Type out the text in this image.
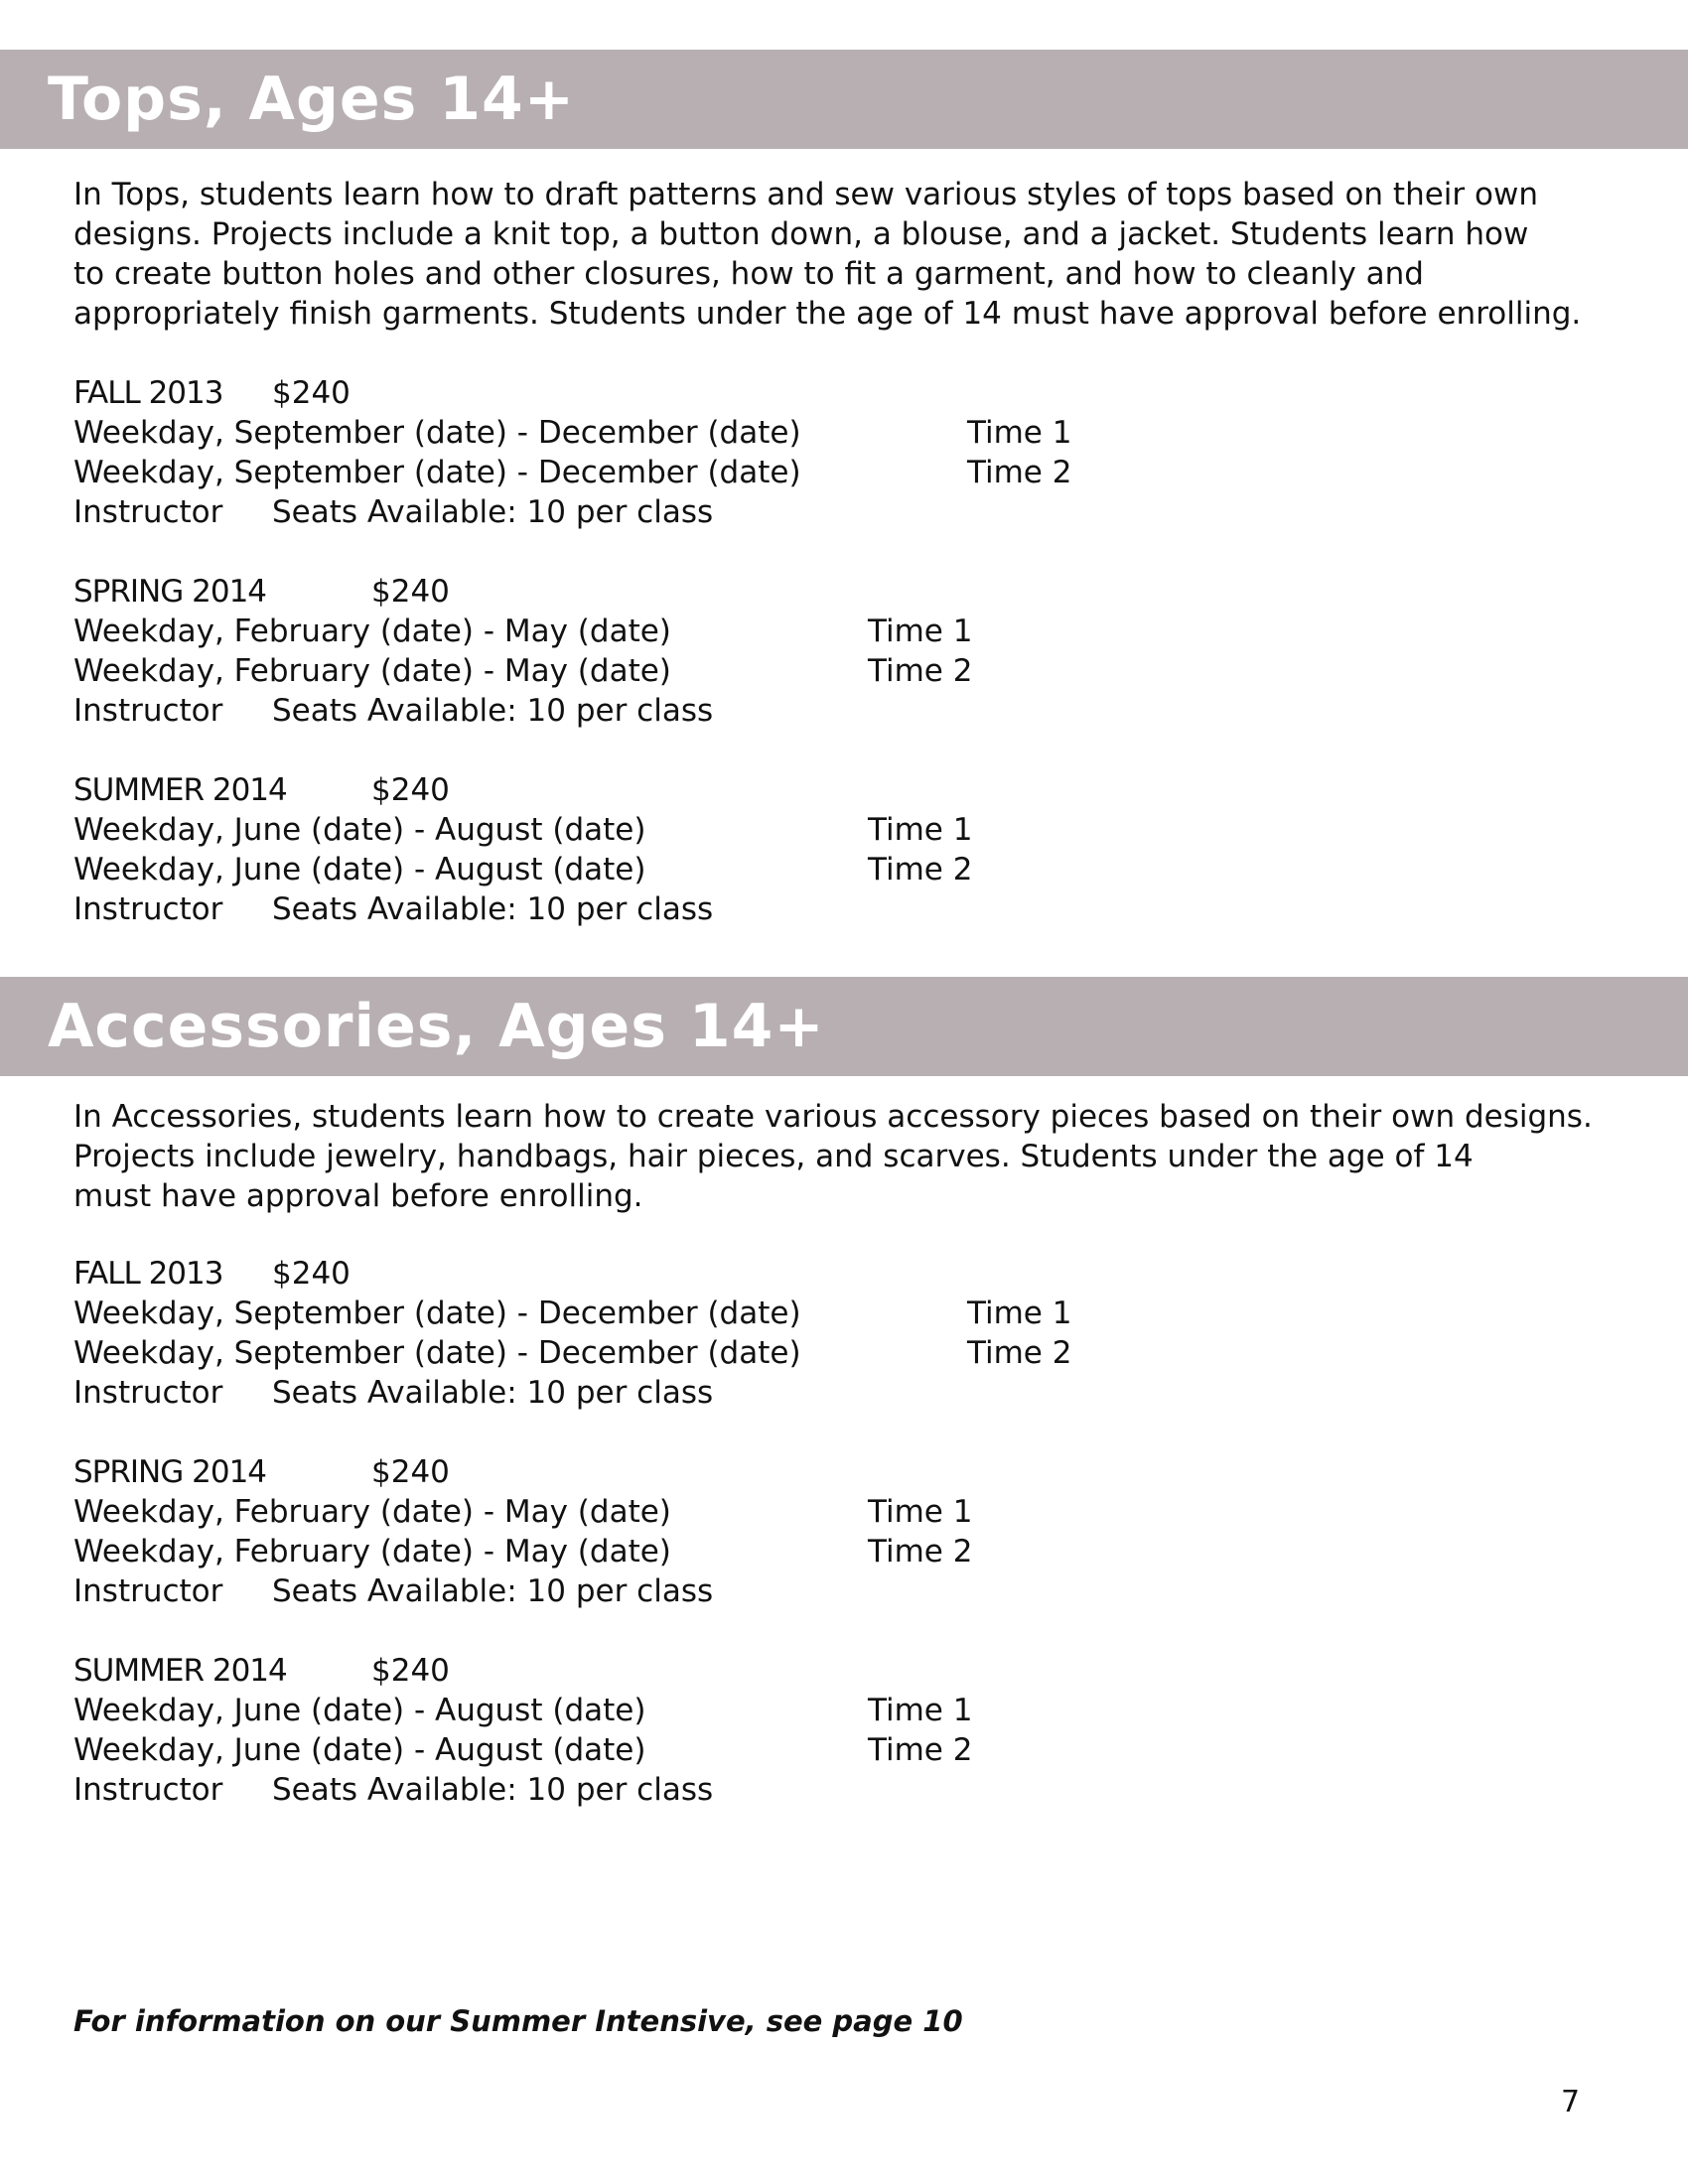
Tops, Ages 14+
In Tops, students learn how to draft patterns and sew various styles of tops based on their own
designs. Projects include a knit top, a button down, a blouse, and a jacket. Students learn how
to create button holes and other closures, how to fit a garment, and how to cleanly and
appropriately finish garments. Students under the age of 14 must have approval before enrolling.
FALL 2013 $240
Weekday, September (date) - December (date)	Time 1
Weekday, September (date) - December (date)	Time 2
Instructor Seats Available: 10 per class
SPRING 2014	$240
Weekday, February (date) - May (date)	Time 1
Weekday, February (date) - May (date)	Time 2
Instructor Seats Available: 10 per class
SUMMER 2014	$240
Weekday, June (date) - August (date)	Time 1
Weekday, June (date) - August (date)	Time 2
Instructor Seats Available: 10 per class
Accessories, Ages 14+
In Accessories, students learn how to create various accessory pieces based on their own designs.
Projects include jewelry, handbags, hair pieces, and scarves. Students under the age of 14
must have approval before enrolling.
FALL 2013 $240
Weekday, September (date) - December (date)	Time 1
Weekday, September (date) - December (date)	Time 2
Instructor Seats Available: 10 per class
SPRING 2014	$240
Weekday, February (date) - May (date)	Time 1
Weekday, February (date) - May (date)	Time 2
Instructor Seats Available: 10 per class
SUMMER 2014	$240
Weekday, June (date) - August (date)	Time 1
Weekday, June (date) - August (date)	Time 2
Instructor Seats Available: 10 per class
For information on our Summer Intensive, see page 10
7
